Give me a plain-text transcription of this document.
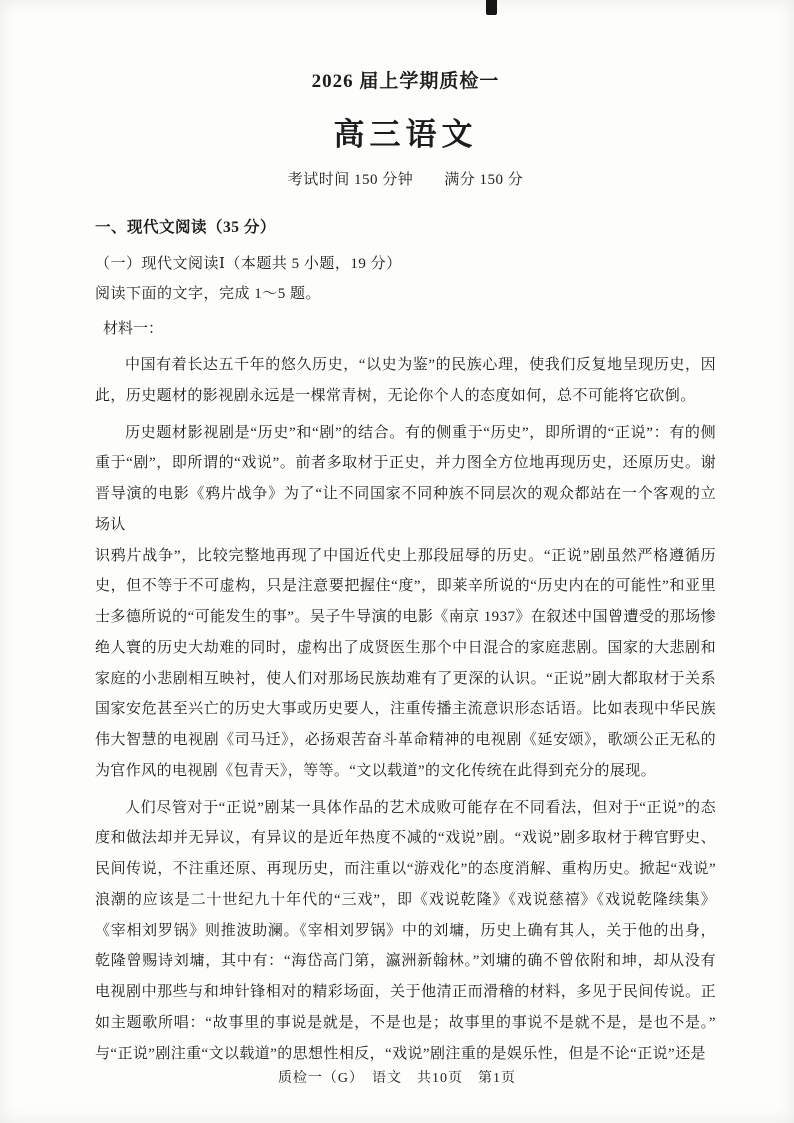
2026 届上学期质检一
高三语文
考试时间 150 分钟　　满分 150 分
一、现代文阅读（35 分）
（一）现代文阅读Ⅰ（本题共 5 小题，19 分）
阅读下面的文字，完成 1～5 题。
材料一：

中国有着长达五千年的悠久历史，“以史为鉴”的民族心理，使我们反复地呈现历史，因此，历史题材的影视剧永远是一棵常青树，无论你个人的态度如何，总不可能将它砍倒。

历史题材影视剧是“历史”和“剧”的结合。有的侧重于“历史”，即所谓的“正说”：有的侧重于“剧”，即所谓的“戏说”。前者多取材于正史，并力图全方位地再现历史，还原历史。谢晋导演的电影《鸦片战争》为了“让不同国家不同种族不同层次的观众都站在一个客观的立场认

识鸦片战争”，比较完整地再现了中国近代史上那段屈辱的历史。“正说”剧虽然严格遵循历史，但不等于不可虚构，只是注意要把握住“度”，即莱辛所说的“历史内在的可能性”和亚里士多德所说的“可能发生的事”。吴子牛导演的电影《南京 1937》在叙述中国曾遭受的那场惨绝人寰的历史大劫难的同时，虚构出了成贤医生那个中日混合的家庭悲剧。国家的大悲剧和家庭的小悲剧相互映衬，使人们对那场民族劫难有了更深的认识。“正说”剧大都取材于关系国家安危甚至兴亡的历史大事或历史要人，注重传播主流意识形态话语。比如表现中华民族伟大智慧的电视剧《司马迁》，必扬艰苦奋斗革命精神的电视剧《延安颂》，歌颂公正无私的为官作风的电视剧《包青天》，等等。“文以载道”的文化传统在此得到充分的展现。

人们尽管对于“正说”剧某一具体作品的艺术成败可能存在不同看法，但对于“正说”的态度和做法却并无异议，有异议的是近年热度不减的“戏说”剧。“戏说”剧多取材于稗官野史、民间传说，不注重还原、再现历史，而注重以“游戏化”的态度消解、重构历史。掀起“戏说”浪潮的应该是二十世纪九十年代的“三戏”，即《戏说乾隆》《戏说慈禧》《戏说乾隆续集》《宰相刘罗锅》则推波助澜。《宰相刘罗锅》中的刘墉，历史上确有其人，关于他的出身，乾隆曾赐诗刘墉，其中有：“海岱高门第，瀛洲新翰林。”刘墉的确不曾依附和坤，却从没有电视剧中那些与和坤针锋相对的精彩场面，关于他清正而滑稽的材料，多见于民间传说。正如主题歌所唱：“故事里的事说是就是，不是也是；故事里的事说不是就不是，是也不是。”与“正说”剧注重“文以载道”的思想性相反，“戏说”剧注重的是娱乐性，但是不论“正说”还是

质检一（G）　语文　共10页　第1页
